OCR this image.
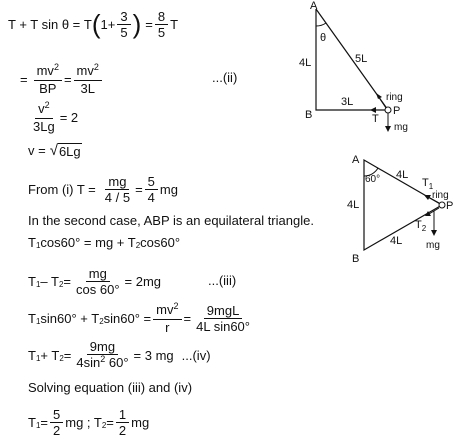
T + T sin θ = T ( $1+ \frac{3}{5}$ ) = $\frac{8}{5}$ T
= $\frac{mv^2}{BP} = \frac{mv^2}{3L}$	...(ii)
$\frac{v^2}{3Lg} = 2$
v = √ 6Lg
From (i) $T = \frac{mg}{4 / 5} = \frac{5}{4}$ mg
In the second case, ABP is an equilateral triangle.
T 1 cos60° = mg + T 2 cos60°
T 1 – T $2 = \frac{mg}{\cos 60^\circ} = 2mg$	...(iii)
T 1 sin60° + T 2 $\sin 60^\circ = \frac{mv^2}{r} = \frac{\text{9mgL}}{\text{4L sin60°}}$
T 1 + T $2 = \frac{9mg}{4\sin^2 60^\circ} = 3$ mg ...(iv)
Solving equation (iii) and (iv)
T $1 = \frac{5}{2}$ mg ; T $2 = \frac{1}{2}$ mg
A
θ
4L	5L
3L
B
ring
P
T
mg
A
60° 4L
$T_1$
ring
4L	P
$T_2$
4L mg
B
